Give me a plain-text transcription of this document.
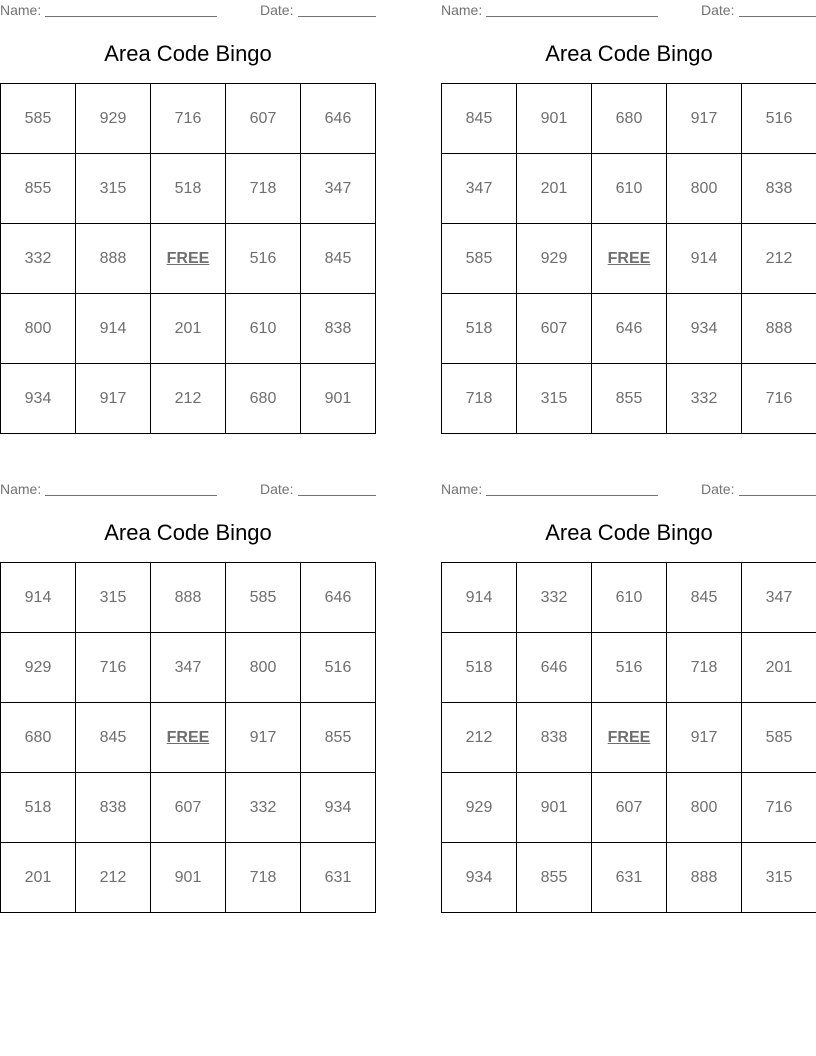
Name:	Date:
Area Code Bingo
585	929	716	607	646
855	315	518	718	347
332	888	FREE	516	845
800	914	201	610	838
934	917	212	680	901
Name:	Date:
Area Code Bingo
845	901	680	917	516
347	201	610	800	838
585	929	FREE	914	212
518	607	646	934	888
718	315	855	332	716
Name:	Date:
Area Code Bingo
914	315	888	585	646
929	716	347	800	516
680	845	FREE	917	855
518	838	607	332	934
201	212	901	718	631
Name:	Date:
Area Code Bingo
914	332	610	845	347
518	646	516	718	201
212	838	FREE	917	585
929	901	607	800	716
934	855	631	888	315
